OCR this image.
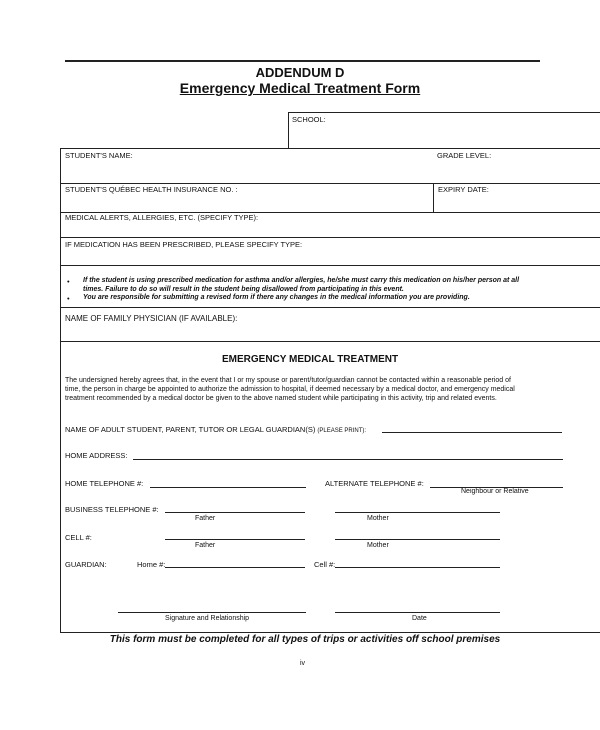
ADDENDUM D
Emergency Medical Treatment Form
SCHOOL:
STUDENT'S NAME:	GRADE LEVEL:
STUDENT'S QUÉBEC HEALTH INSURANCE NO. :	EXPIRY DATE:
MEDICAL ALERTS, ALLERGIES, ETC. (SPECIFY TYPE):
IF MEDICATION HAS BEEN PRESCRIBED, PLEASE SPECIFY TYPE:
• If the student is using prescribed medication for asthma and/or allergies, he/she must carry this medication on his/her person at all
times. Failure to do so will result in the student being disallowed from participating in this event.
• You are responsible for submitting a revised form if there any changes in the medical information you are providing.
NAME OF FAMILY PHYSICIAN (IF AVAILABLE):
EMERGENCY MEDICAL TREATMENT
The undersigned hereby agrees that, in the event that I or my spouse or parent/tutor/guardian cannot be contacted within a reasonable period of
time, the person in charge be appointed to authorize the admission to hospital, if deemed necessary by a medical doctor, and emergency medical
treatment recommended by a medical doctor be given to the above named student while participating in this activity, trip and related events.
NAME OF ADULT STUDENT, PARENT, TUTOR OR LEGAL GUARDIAN(S) (PLEASE PRINT):
HOME ADDRESS:
HOME TELEPHONE #:	ALTERNATE TELEPHONE #:
Neighbour or Relative
BUSINESS TELEPHONE #:
Father	Mother
CELL #:
Father	Mother
GUARDIAN:	Home #:	Cell #:
Signature and Relationship	Date
This form must be completed for all types of trips or activities off school premises
iv
